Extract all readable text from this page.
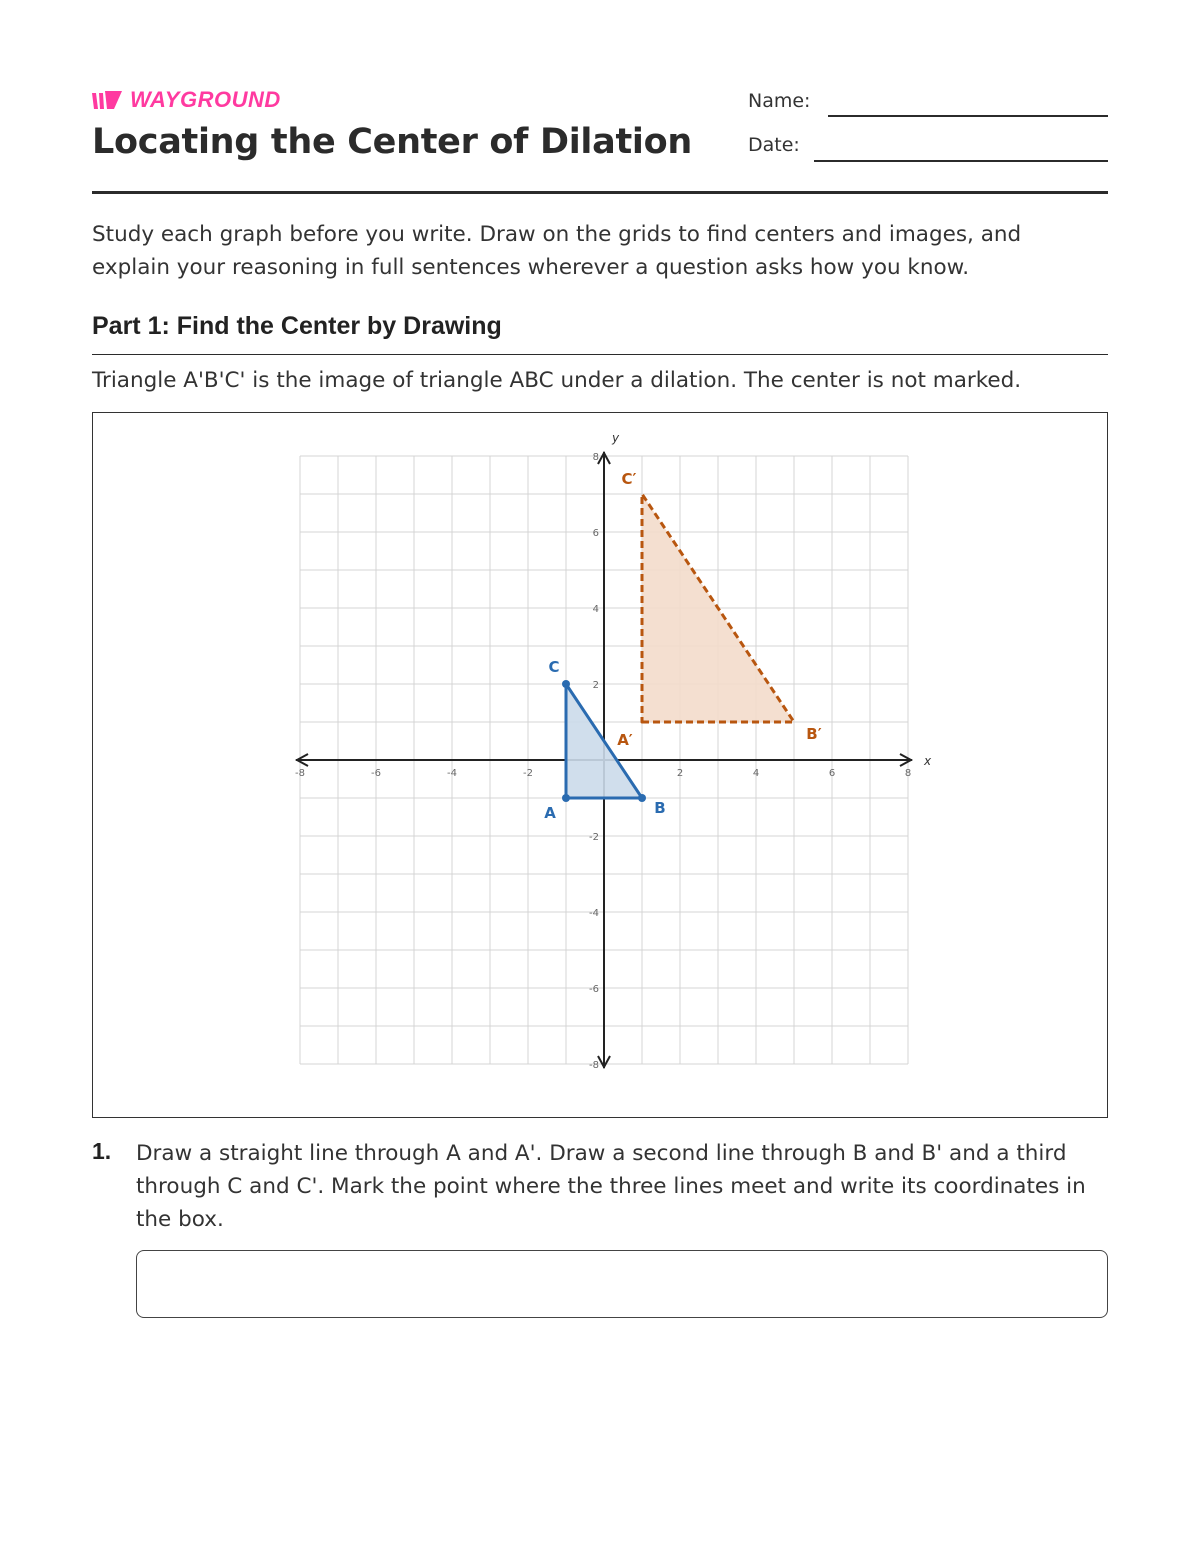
WAYGROUND
Locating the Center of Dilation
Name:
Date:
Study each graph before you write. Draw on the grids to find centers and images, and explain your reasoning in full sentences wherever a question asks how you know.
Part 1: Find the Center by Drawing
Triangle A'B'C' is the image of triangle ABC under a dilation. The center is not marked.
x
y
-8	-6	-4	-2	2	4	6	8
8
6
4
2
-2
-4
-6
-8
A′	B′
C′
A	B
C
1. Draw a straight line through A and A'. Draw a second line through B and B' and a third through C and C'. Mark the point where the three lines meet and write its coordinates in the box.
